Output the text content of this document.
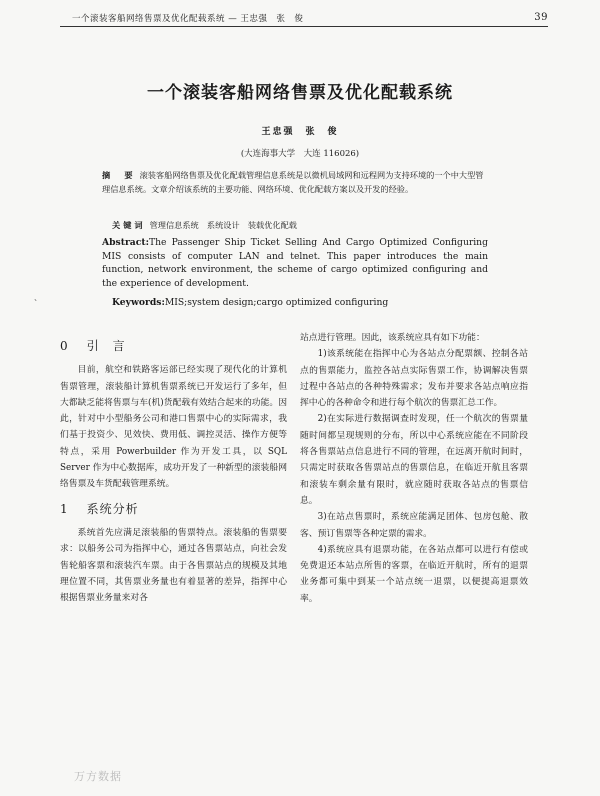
一个滚装客船网络售票及优化配载系统 — 王忠强　张　俊	39
一个滚装客船网络售票及优化配载系统
王忠强　张　俊
(大连海事大学　大连 116026)
摘　要 滚装客船网络售票及优化配载管理信息系统是以微机局域网和远程网为支持环境的一个中大型管理信息系统。文章介绍该系统的主要功能、网络环境、优化配载方案以及开发的经验。
关键词 管理信息系统　系统设计　装载优化配载
Abstract:The Passenger Ship Ticket Selling And Cargo Optimized Configuring MIS consists of computer LAN and telnet. This paper introduces the main function, network environment, the scheme of cargo optimized configuring and the experience of development.
Keywords:MIS;system design;cargo optimized configuring
、
0 引　言

目前，航空和铁路客运部已经实现了现代化的计算机售票管理，滚装船计算机售票系统已开发运行了多年，但大都缺乏能将售票与车(机)货配载有效结合起来的功能。因此，针对中小型船务公司和港口售票中心的实际需求，我们基于投资少、见效快、费用低、调控灵活、操作方便等特点，采用 Powerbuilder 作为开发工具，以 SQL Server 作为中心数据库，成功开发了一种新型的滚装船网络售票及车货配载管理系统。

1 系统分析

系统首先应满足滚装船的售票特点。滚装船的售票要求：以船务公司为指挥中心，通过各售票站点，向社会发售轮船客票和滚装汽车票。由于各售票站点的规模及其地理位置不同，其售票业务量也有着显著的差异，指挥中心根据售票业务量来对各

站点进行管理。因此，该系统应具有如下功能：

1)该系统能在指挥中心为各站点分配票额、控制各站点的售票能力，监控各站点实际售票工作，协调解决售票过程中各站点的各种特殊需求；发布并要求各站点响应指挥中心的各种命令和进行每个航次的售票汇总工作。

2)在实际进行数据调查时发现，任一个航次的售票量随时间都呈现规则的分布，所以中心系统应能在不同阶段将各售票站点信息进行不同的管理，在远离开航时间时，只需定时获取各售票站点的售票信息，在临近开航且客票和滚装车剩余量有限时，就应随时获取各站点的售票信息。

3)在站点售票时，系统应能满足团体、包房包舱、散客、预订售票等各种定票的需求。

4)系统应具有退票功能，在各站点都可以进行有偿或免费退还本站点所售的客票，在临近开航时，所有的退票业务都可集中到某一个站点统一退票，以便提高退票效率。

万方数据
